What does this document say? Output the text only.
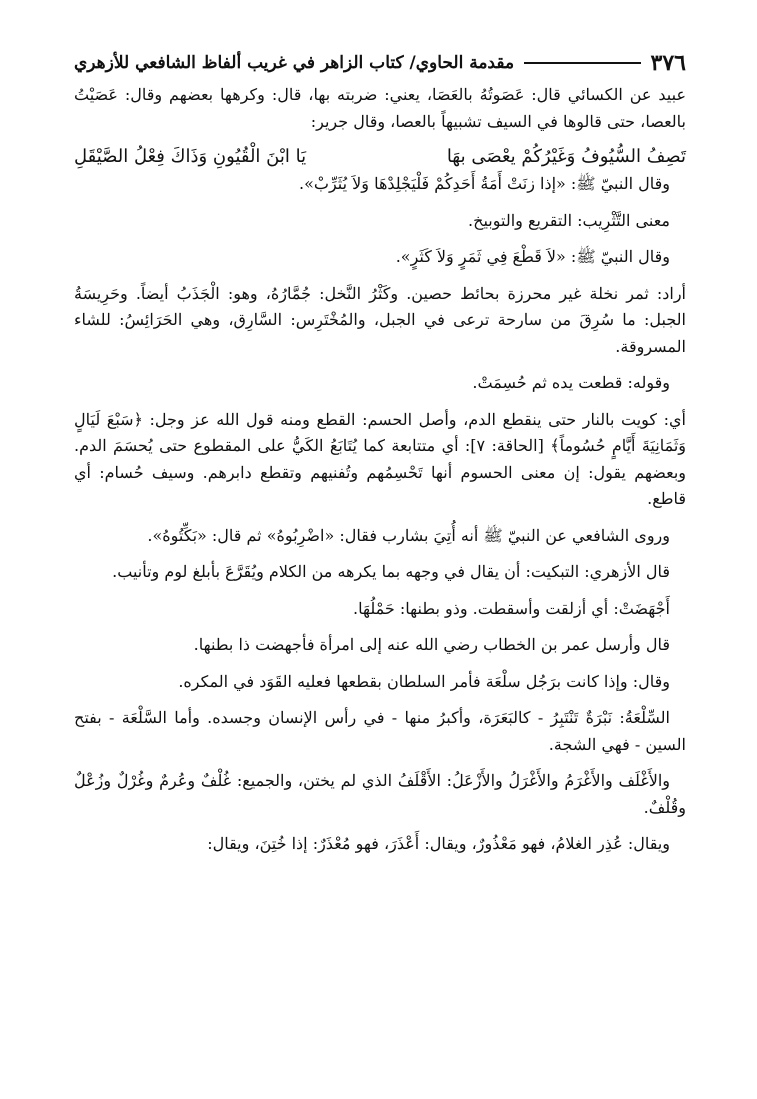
٣٧٦
مقدمة الحاوي/ كتاب الزاهر في غريب ألفاظ الشافعي للأزهري

عبيد عن الكسائي قال: عَصَوتُهُ بالعَصَا، يعني: ضربته بها، قال: وكرهها بعضهم وقال: عَصَيْتُ بالعصا، حتى قالوها في السيف تشبيهاً بالعصا، وقال جرير:

تَصِفُ السُّيُوفُ وَغَيْرُكُمْ يعْصَى بهَا
يَا ابْنَ الْقُيُونِ وَذَاكَ فِعْلُ الصَّيْقَلِ

وقال النبيّ ﷺ: «إذا زنَتْ أَمَةُ أَحَدِكُمْ فَلْيَجْلِدْهَا وَلاَ يُثَرِّبْ».

معنى التَّثْرِيب: التقريع والتوبيخ.

وقال النبيّ ﷺ: «لاَ قَطْعَ فِي ثَمَرٍ وَلاَ كَثَرٍ».

أراد: ثمر نخلة غير محرزة بحائط حصين. وكَثْرُ النَّخل: جُمَّارُهُ، وهو: الْجَذَبُ أيضاً. وحَرِيسَةُ الجبل: ما سُرِقَ من سارحة ترعى في الجبل، والمُخْتَرِس: السَّارِق، وهي الحَرَائِسُ: للشاء المسروقة.

وقوله: قطعت يده ثم حُسِمَتْ.

أي: كويت بالنار حتى ينقطع الدم، وأصل الحسم: القطع ومنه قول الله عز وجل: ﴿سَبْعَ لَيَالٍ وَثَمَانِيَةَ أَيَّامٍ حُسُوماً﴾ [الحاقة: ٧]: أي متتابعة كما يُتَابَعُ الكَيُّ على المقطوع حتى يُحسَمَ الدم. وبعضهم يقول: إن معنى الحسوم أنها تَحْسِمُهم وتُفنيهم وتقطع دابرهم. وسيف حُسام: أي قاطع.

وروى الشافعي عن النبيّ ﷺ أنه أُتِيَ بشارب فقال: «اضْرِبُوهُ» ثم قال: «بَكِّتُوهُ».

قال الأزهري: التبكيت: أن يقال في وجهه بما يكرهه من الكلام ويُقَرَّعَ بأبلغ لوم وتأنيب.

أَجْهَضَتْ: أي أزلقت وأسقطت. وذو بطنها: حَمْلُهَا.

قال وأرسل عمر بن الخطاب رضي الله عنه إلى امرأة فأجهضت ذا بطنها.

وقال: وإذا كانت برَجُل سلْعَة فأمر السلطان بقطعها فعليه القَوَد في المكره.

السِّلْعَةُ: نَبْرَةٌ تَنْتَبِرُ - كالبَعَرَة، وأكبرُ منها - في رأس الإنسان وجسده. وأما السَّلْعَة - بفتح السين - فهي الشجة.

والأَغْلَف والأَغْرَمُ والأَغْرَلُ والأَزْعَلُ: الأَقْلَفُ الذي لم يختن، والجميع: غُلْفٌ وعُرمٌ وغُرْلٌ وزُعْلٌ وقُلْفٌ.

ويقال: عُذِر الغلامُ، فهو مَعْذُورٌ، ويقال: أَعْذَرَ، فهو مُعْذَرٌ: إذا خُتِنَ، ويقال:
